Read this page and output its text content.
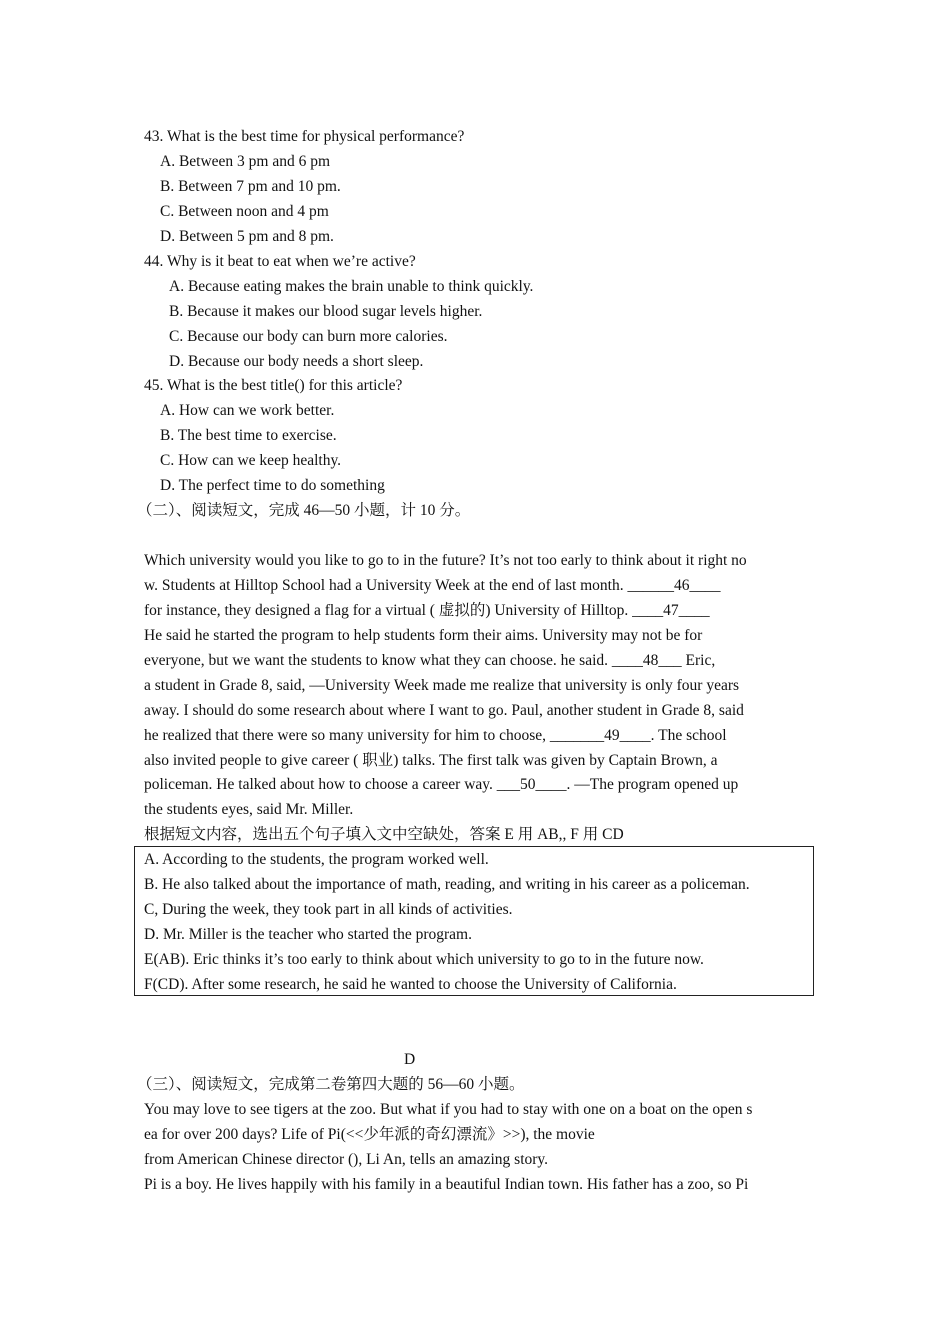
43. What is the best time for physical performance?
A. Between 3 pm and 6 pm
B. Between 7 pm and 10 pm.
C. Between noon and 4 pm
D. Between 5 pm and 8 pm.
44. Why is it beat to eat when we’re active?
A. Because eating makes the brain unable to think quickly.
B. Because it makes our blood sugar levels higher.
C. Because our body can burn more calories.
D. Because our body needs a short sleep.
45. What is the best title() for this article?
A. How can we work better.
B. The best time to exercise.
C. How can we keep healthy.
D. The perfect time to do something
（二）、阅读短文，完成 46—50 小题，计 10 分。
Which university would you like to go to in the future? It’s not too early to think about it right no
w. Students at Hilltop School had a University Week at the end of last month. ______46____
for instance, they designed a flag for a virtual ( 虚拟的) University of Hilltop. ____47____
He said he started the program to help students form their aims. University may not be for
everyone, but we want the students to know what they can choose. he said. ____48___ Eric,
a student in Grade 8, said, —University Week made me realize that university is only four years
away. I should do some research about where I want to go. Paul, another student in Grade 8, said
he realized that there were so many university for him to choose, _______49____. The school
also invited people to give career ( 职业) talks. The first talk was given by Captain Brown, a
policeman. He talked about how to choose a career way. ___50____. —The program opened up
the students eyes, said Mr. Miller.
根据短文内容，选出五个句子填入文中空缺处，答案 E 用 AB,, F 用 CD
A. According to the students, the program worked well.
B. He also talked about the importance of math, reading, and writing in his career as a policeman.
C, During the week, they took part in all kinds of activities.
D. Mr. Miller is the teacher who started the program.
E(AB). Eric thinks it’s too early to think about which university to go to in the future now.
F(CD). After some research, he said he wanted to choose the University of California.
D
（三）、阅读短文，完成第二卷第四大题的 56—60 小题。
You may love to see tigers at the zoo. But what if you had to stay with one on a boat on the open s
ea for over 200 days? Life of Pi(<<少年派的奇幻漂流》>>), the movie
from American Chinese director (), Li An, tells an amazing story.
Pi is a boy. He lives happily with his family in a beautiful Indian town. His father has a zoo, so Pi
